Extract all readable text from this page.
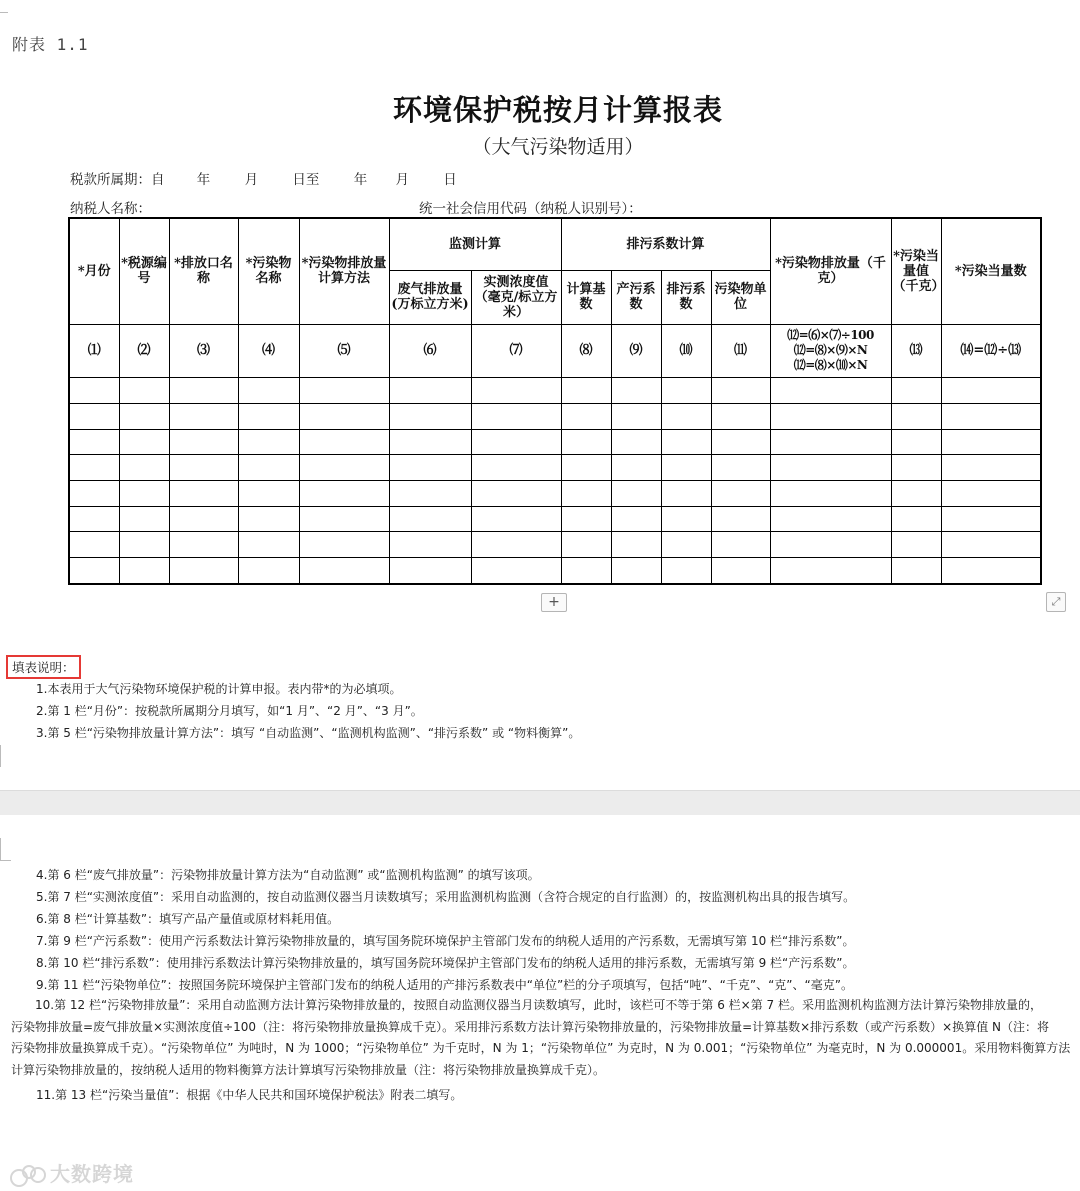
附表 1.1
环境保护税按月计算报表
（大气污染物适用）
税款所属期：自 年	月	日至	年 月	日
纳税人名称：	统一社会信用代码（纳税人识别号）：
*月份	*税源编号	*排放口名称	*污染物名称	*污染物排放量计算方法	监测计算		排污系数计算				*污染物排放量（千克）	*污染当量值（千克）	*污染当量数
					废气排放量(万标立方米)	实测浓度值（毫克/标立方米）	计算基数	产污系数	排污系数	污染物单位			
⑴	⑵	⑶	⑷	⑸	⑹	⑺	⑻	⑼	⑽	⑾	⑿=⑹×⑺÷100
⑿=⑻×⑼×N
⑿=⑻×⑽×N	⒀	⒁=⑿÷⒀

+	⤢
填表说明：
1.本表用于大气污染物环境保护税的计算申报。表内带*的为必填项。
2.第 1 栏“月份”：按税款所属期分月填写，如“1 月”、“2 月”、“3 月”。
3.第 5 栏“污染物排放量计算方法”：填写 “自动监测”、“监测机构监测”、“排污系数” 或 “物料衡算”。
4.第 6 栏“废气排放量”：污染物排放量计算方法为“自动监测” 或“监测机构监测” 的填写该项。
5.第 7 栏“实测浓度值”：采用自动监测的，按自动监测仪器当月读数填写；采用监测机构监测（含符合规定的自行监测）的，按监测机构出具的报告填写。
6.第 8 栏“计算基数”：填写产品产量值或原材料耗用值。
7.第 9 栏“产污系数”：使用产污系数法计算污染物排放量的，填写国务院环境保护主管部门发布的纳税人适用的产污系数，无需填写第 10 栏“排污系数”。
8.第 10 栏“排污系数”：使用排污系数法计算污染物排放量的，填写国务院环境保护主管部门发布的纳税人适用的排污系数，无需填写第 9 栏“产污系数”。
9.第 11 栏“污染物单位”：按照国务院环境保护主管部门发布的纳税人适用的产排污系数表中“单位”栏的分子项填写，包括“吨”、“千克”、“克”、“毫克”。
10.第 12 栏“污染物排放量”：采用自动监测方法计算污染物排放量的，按照自动监测仪器当月读数填写，此时，该栏可不等于第 6 栏×第 7 栏。采用监测机构监测方法计算污染物排放量的，
污染物排放量=废气排放量×实测浓度值÷100（注：将污染物排放量换算成千克）。采用排污系数方法计算污染物排放量的，污染物排放量=计算基数×排污系数（或产污系数）×换算值 N（注：将
污染物排放量换算成千克）。“污染物单位” 为吨时，N 为 1000；“污染物单位” 为千克时，N 为 1；“污染物单位” 为克时，N 为 0.001；“污染物单位” 为毫克时，N 为 0.000001。采用物料衡算方法
计算污染物排放量的，按纳税人适用的物料衡算方法计算填写污染物排放量（注：将污染物排放量换算成千克）。
11.第 13 栏“污染当量值”：根据《中华人民共和国环境保护税法》附表二填写。
大数跨境
